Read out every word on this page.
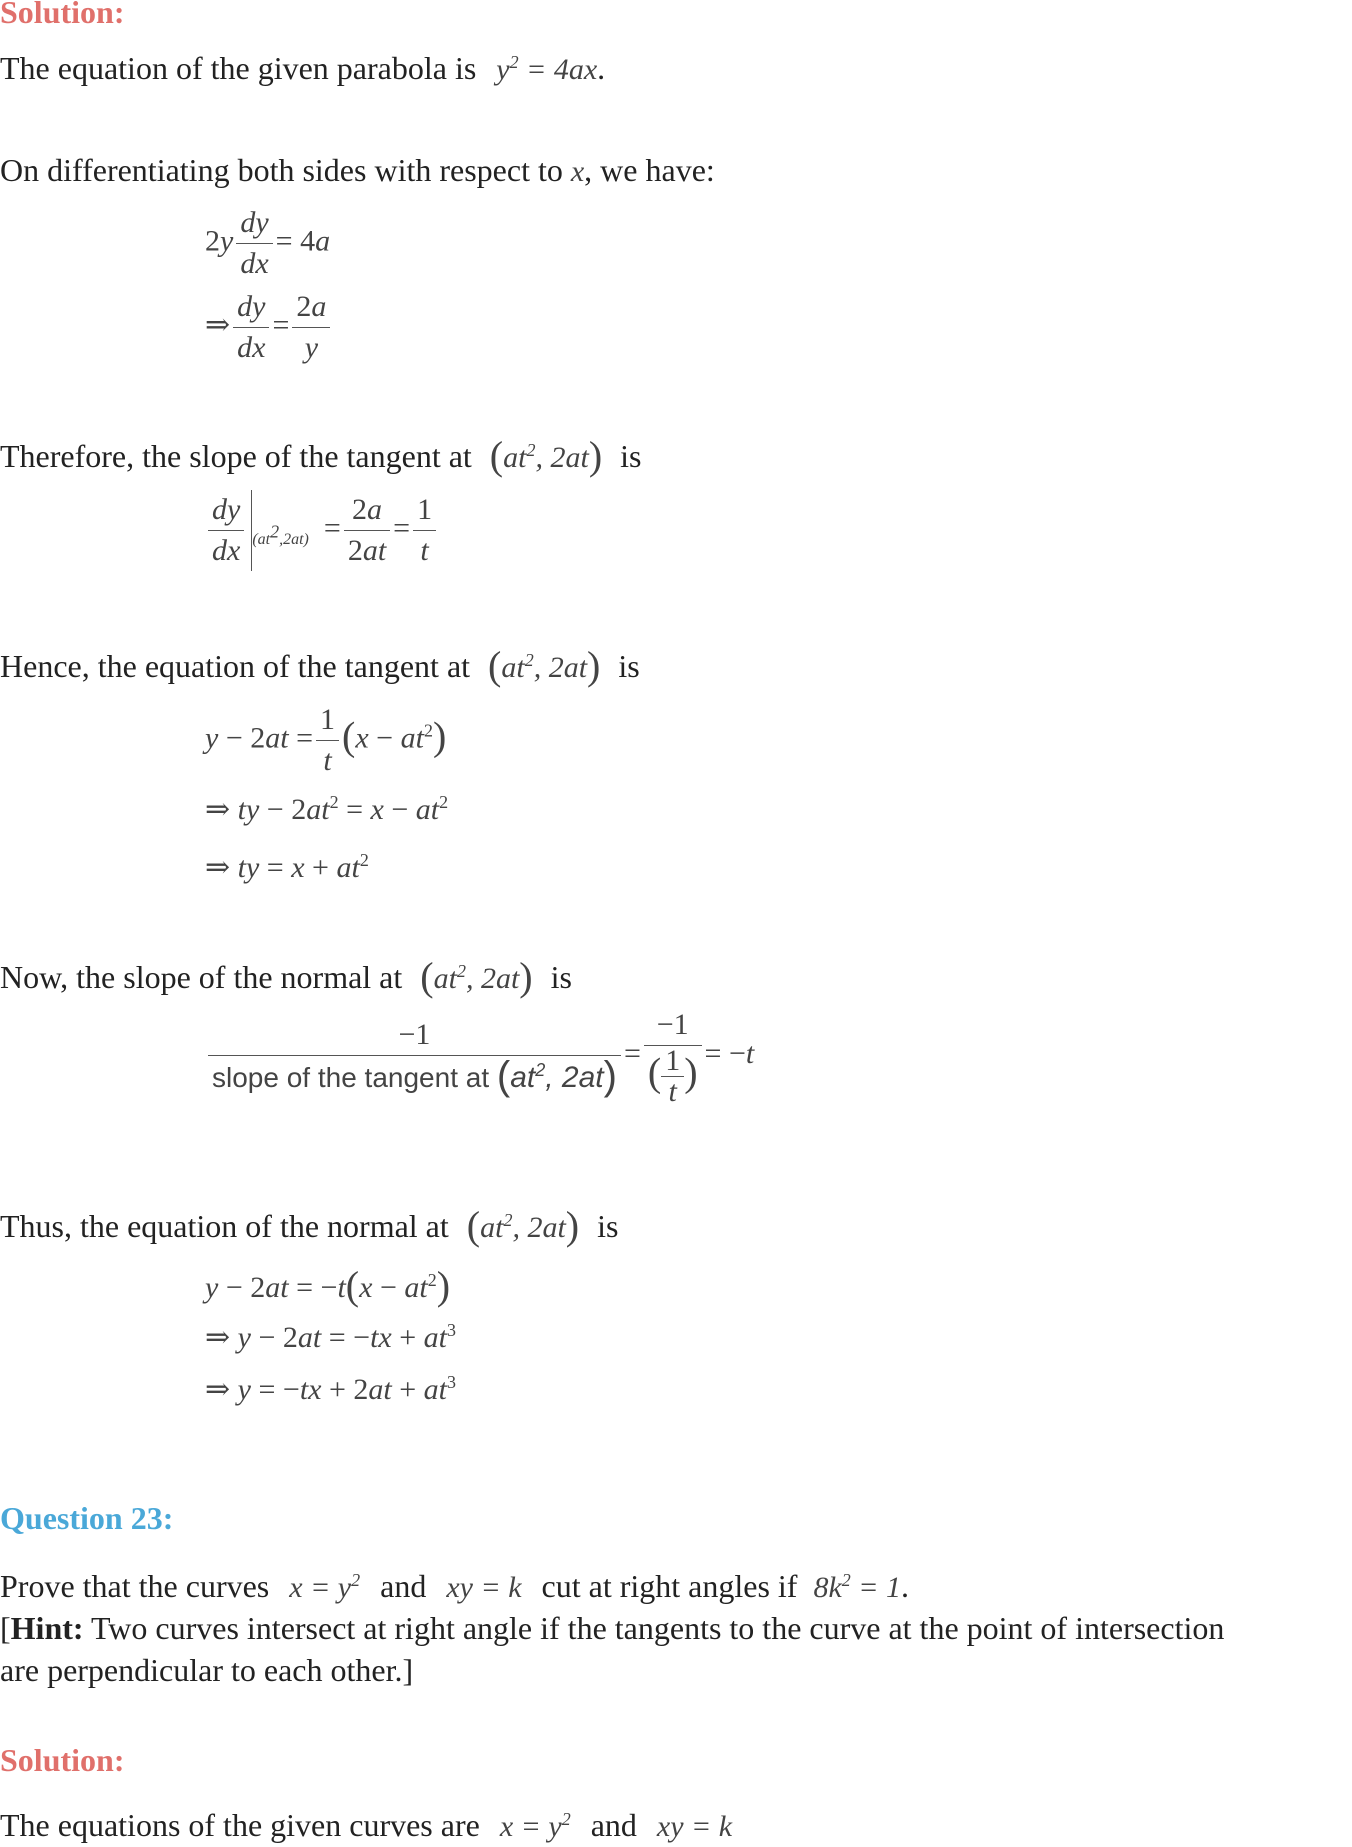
Solution:
The equation of the given parabola is $y^2 = 4ax$.
On differentiating both sides with respect to x, we have:
$2y \frac{dy}{dx} = 4a$
⇒ $\frac{dy}{dx} = \frac{2a}{y}$
Therefore, the slope of the tangent at ($at^2$, 2at) is
$\frac{dy}{dx} _{(at^2,2at)} = \frac{2a}{2at} = \frac{1}{t}$
Hence, the equation of the tangent at ($at^2$, 2at) is
$y - 2at = \frac{1}{t} (x - at^2)$
⇒ ty − $2at^2 = x - at^2$
⇒ ty = $x + at^2$
Now, the slope of the normal at ($at^2$, 2at) is
$\frac{-1}{slope of the tangent at (at^2, 2at)} = \frac{-1}{( \frac{1}{t} )} = -t$
Thus, the equation of the normal at ($at^2$, 2at) is
$y - 2at = -t(x - at^2)$
⇒ $y - 2at = -tx + at^3$
⇒ $y = -tx + 2at + at^3$
Question 23:
Prove that the curves $x = y^2$ and xy = k cut at right angles if $8k^2 = 1$.
[Hint: Two curves intersect at right angle if the tangents to the curve at the point of intersection
are perpendicular to each other.]
Solution:
The equations of the given curves are $x = y^2$ and xy = k
